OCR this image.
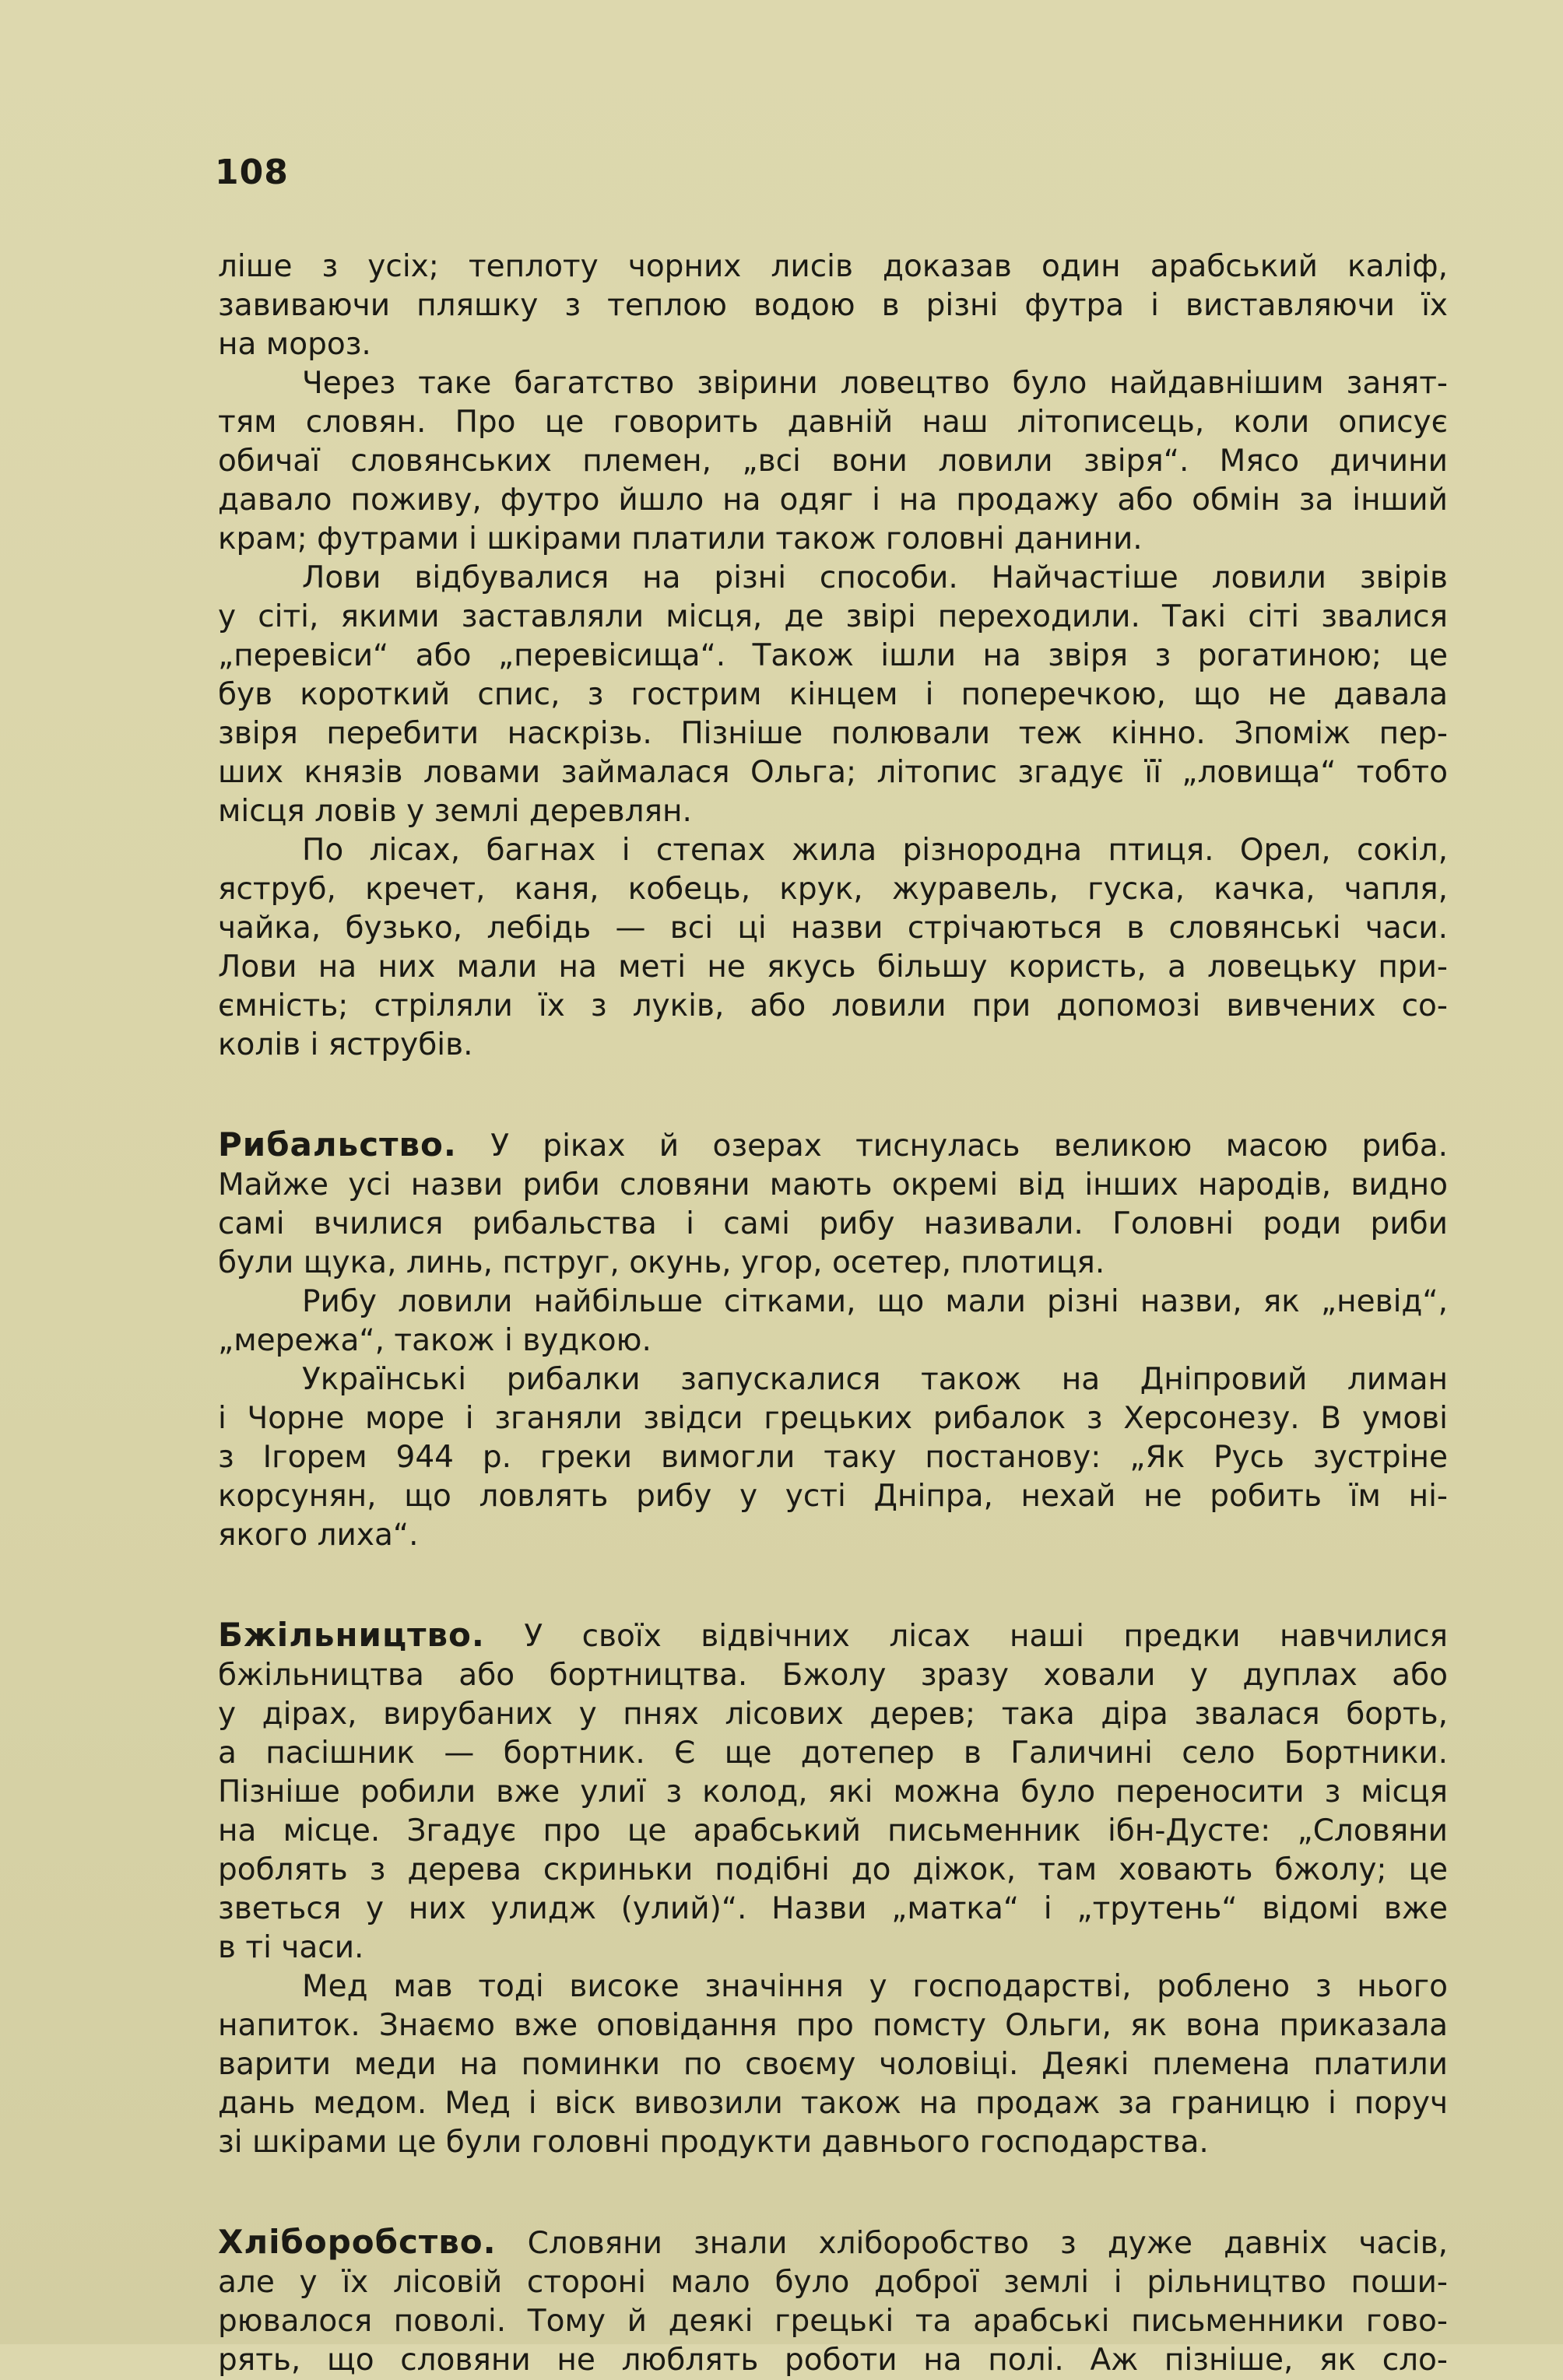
108
ліше з усіх; теплоту чорних лисів доказав один арабський каліф,
завиваючи пляшку з теплою водою в різні футра і виставляючи їх
на мороз.
Через таке багатство звірини ловецтво було найдавнішим занят-
тям словян. Про це говорить давній наш літописець, коли описує
обичаї словянських племен, „всі вони ловили звіря“. Мясо дичини
давало поживу, футро йшло на одяг і на продажу або обмін за інший
крам; футрами і шкірами платили також головні данини.
Лови відбувалися на різні способи. Найчастіше ловили звірів
у сіті, якими заставляли місця, де звірі переходили. Такі сіті звалися
„перевіси“ або „перевісища“. Також ішли на звіря з рогатиною; це
був короткий спис, з гострим кінцем і поперечкою, що не давала
звіря перебити наскрізь. Пізніше полювали теж кінно. Зпоміж пер-
ших князів ловами займалася Ольга; літопис згадує її „ловища“ тобто
місця ловів у землі деревлян.
По лісах, багнах і степах жила різнородна птиця. Орел, сокіл,
яструб, кречет, каня, кобець, крук, журавель, гуска, качка, чапля,
чайка, бузько, лебідь — всі ці назви стрічаються в словянські часи.
Лови на них мали на меті не якусь більшу користь, а ловецьку при-
ємність; стріляли їх з луків, або ловили при допомозі вивчених со-
колів і яструбів.
Рибальство. У ріках й озерах тиснулась великою масою риба.
Майже усі назви риби словяни мають окремі від інших народів, видно
самі вчилися рибальства і самі рибу називали. Головні роди риби
були щука, линь, пструг, окунь, угор, осетер, плотиця.
Рибу ловили найбільше сітками, що мали різні назви, як „невід“,
„мережа“, також і вудкою.
Українські рибалки запускалися також на Дніпровий лиман
і Чорне море і зганяли звідси грецьких рибалок з Херсонезу. В умові
з Ігорем 944 р. греки вимогли таку постанову: „Як Русь зустріне
корсунян, що ловлять рибу у усті Дніпра, нехай не робить їм ні-
якого лиха“.
Бжільництво. У своїх відвічних лісах наші предки навчилися
бжільництва або бортництва. Бжолу зразу ховали у дуплах або
у дірах, вирубаних у пнях лісових дерев; така діра звалася борть,
а пасішник — бортник. Є ще дотепер в Галичині село Бортники.
Пізніше робили вже улиї з колод, які можна було переносити з місця
на місце. Згадує про це арабський письменник ібн-Дусте: „Словяни
роблять з дерева скриньки подібні до діжок, там ховають бжолу; це
зветься у них улидж (улий)“. Назви „матка“ і „трутень“ відомі вже
в ті часи.
Мед мав тоді високе значіння у господарстві, роблено з нього
напиток. Знаємо вже оповідання про помсту Ольги, як вона приказала
варити меди на поминки по своєму чоловіці. Деякі племена платили
дань медом. Мед і віск вивозили також на продаж за границю і поруч
зі шкірами це були головні продукти давнього господарства.
Хліборобство. Словяни знали хліборобство з дуже давніх часів,
але у їх лісовій стороні мало було доброї землі і рільництво поши-
рювалося поволі. Тому й деякі грецькі та арабські письменники гово-
рять, що словяни не люблять роботи на полі. Аж пізніше, як сло-
